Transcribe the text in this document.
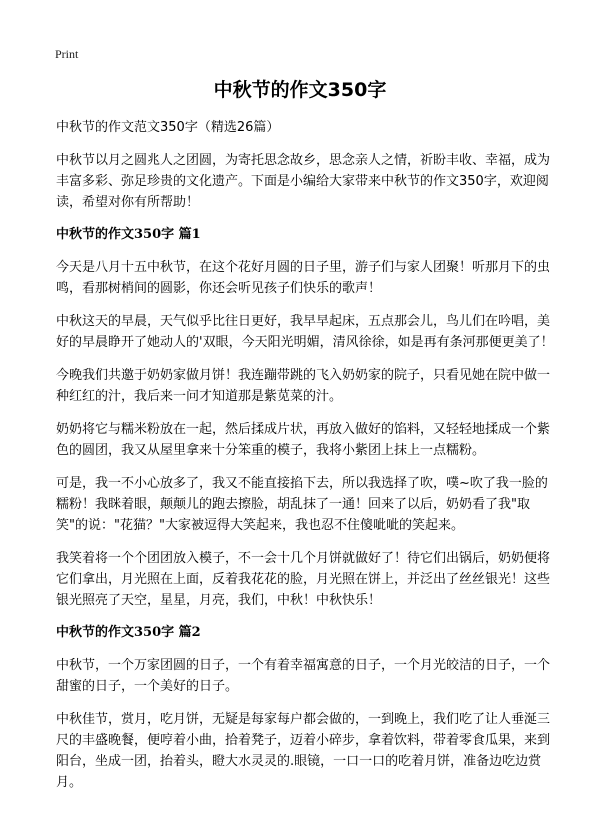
Print
中秋节的作文350字

中秋节的作文范文350字（精选26篇）

中秋节以月之圆兆人之团圆，为寄托思念故乡，思念亲人之情，祈盼丰收、幸福，成为丰富多彩、弥足珍贵的文化遗产。下面是小编给大家带来中秋节的作文350字，欢迎阅读，希望对你有所帮助！

中秋节的作文350字 篇1

今天是八月十五中秋节，在这个花好月圆的日子里，游子们与家人团聚！听那月下的虫鸣，看那树梢间的圆影，你还会听见孩子们快乐的歌声！

中秋这天的早晨，天气似乎比往日更好，我早早起床，五点那会儿，鸟儿们在吟唱，美好的早晨睁开了她动人的'双眼，今天阳光明媚，清风徐徐，如是再有条河那便更美了！

今晚我们共邀于奶奶家做月饼！我连蹦带跳的飞入奶奶家的院子，只看见她在院中做一种红红的汁，我后来一问才知道那是紫苋菜的汁。

奶奶将它与糯米粉放在一起，然后揉成片状，再放入做好的馅料，又轻轻地揉成一个紫色的圆团，我又从屋里拿来十分笨重的模子，我将小紫团上抹上一点糯粉。

可是，我一不小心放多了，我又不能直接掐下去，所以我选择了吹，噗~吹了我一脸的糯粉！我眯着眼，颠颠儿的跑去擦脸，胡乱抹了一通！回来了以后，奶奶看了我"取笑"的说："花猫？"大家被逗得大笑起来，我也忍不住傻呲呲的笑起来。

我笑着将一个个团团放入模子，不一会十几个月饼就做好了！待它们出锅后，奶奶便将它们拿出，月光照在上面，反着我花花的脸，月光照在饼上，并泛出了丝丝银光！这些银光照亮了天空，星星，月亮，我们，中秋！中秋快乐！

中秋节的作文350字 篇2

中秋节，一个万家团圆的日子，一个有着幸福寓意的日子，一个月光皎洁的日子，一个甜蜜的日子，一个美好的日子。

中秋佳节，赏月，吃月饼，无疑是每家每户都会做的，一到晚上，我们吃了让人垂涎三尺的丰盛晚餐，便哼着小曲，拾着凳子，迈着小碎步，拿着饮料，带着零食瓜果，来到阳台，坐成一团，抬着头，瞪大水灵灵的.眼镜，一口一口的吃着月饼，准备边吃边赏月。
